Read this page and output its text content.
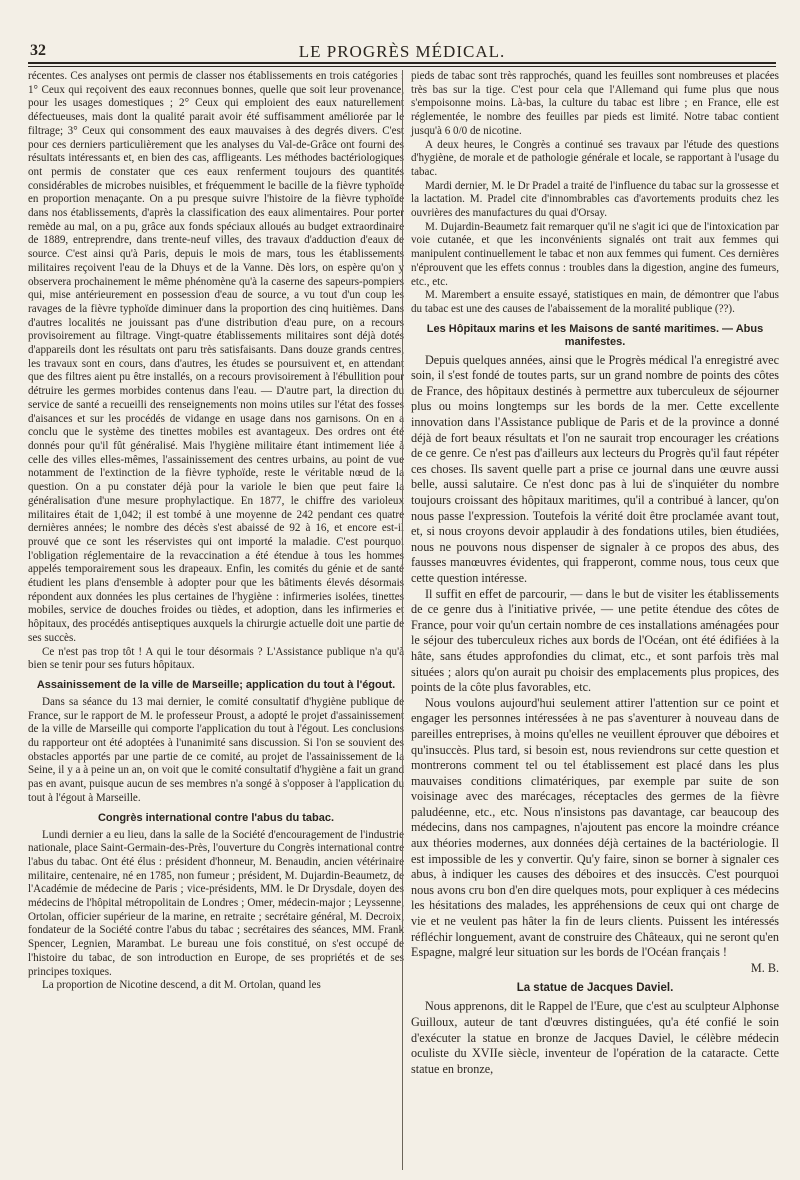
32	LE PROGRÈS MÉDICAL.

récentes. Ces analyses ont permis de classer nos établissements en trois catégories : 1° Ceux qui reçoivent des eaux reconnues bonnes, quelle que soit leur provenance, pour les usages domestiques ; 2° Ceux qui emploient des eaux naturellement défectueuses, mais dont la qualité parait avoir été suffisamment améliorée par le filtrage; 3° Ceux qui consomment des eaux mauvaises à des degrés divers. C'est pour ces derniers particulièrement que les analyses du Val-de-Grâce ont fourni des résultats intéressants et, en bien des cas, affligeants. Les méthodes bactériologiques ont permis de constater que ces eaux renferment toujours des quantités considérables de microbes nuisibles, et fréquemment le bacille de la fièvre typhoïde en proportion menaçante. On a pu presque suivre l'histoire de la fièvre typhoïde dans nos établissements, d'après la classification des eaux alimentaires. Pour porter remède au mal, on a pu, grâce aux fonds spéciaux alloués au budget extraordinaire de 1889, entreprendre, dans trente-neuf villes, des travaux d'adduction d'eaux de source. C'est ainsi qu'à Paris, depuis le mois de mars, tous les établissements militaires reçoivent l'eau de la Dhuys et de la Vanne. Dès lors, on espère qu'on y observera prochainement le même phénomène qu'à la caserne des sapeurs-pompiers qui, mise antérieurement en possession d'eau de source, a vu tout d'un coup les ravages de la fièvre typhoïde diminuer dans la proportion des cinq huitièmes. Dans d'autres localités ne jouissant pas d'une distribution d'eau pure, on a recours provisoirement au filtrage. Vingt-quatre établissements militaires sont déjà dotés d'appareils dont les résultats ont paru très satisfaisants. Dans douze grands centres, les travaux sont en cours, dans d'autres, les études se poursuivent et, en attendant que des filtres aient pu être installés, on a recours provisoirement à l'ébullition pour détruire les germes morbides contenus dans l'eau. — D'autre part, la direction du service de santé a recueilli des renseignements non moins utiles sur l'état des fosses d'aisances et sur les procédés de vidange en usage dans nos garnisons. On en a conclu que le système des tinettes mobiles est avantageux. Des ordres ont été donnés pour qu'il fût généralisé. Mais l'hygiène militaire étant intimement liée à celle des villes elles-mêmes, l'assainissement des centres urbains, au point de vue notamment de l'extinction de la fièvre typhoïde, reste le véritable nœud de la question. On a pu constater déjà pour la variole le bien que peut faire la généralisation d'une mesure prophylactique. En 1877, le chiffre des varioleux militaires était de 1,042; il est tombé à une moyenne de 242 pendant ces quatre dernières années; le nombre des décès s'est abaissé de 92 à 16, et encore est-il prouvé que ce sont les réservistes qui ont importé la maladie. C'est pourquoi l'obligation réglementaire de la revaccination a été étendue à tous les hommes appelés temporairement sous les drapeaux. Enfin, les comités du génie et de santé étudient les plans d'ensemble à adopter pour que les bâtiments élevés désormais répondent aux données les plus certaines de l'hygiène : infirmeries isolées, tinettes mobiles, service de douches froides ou tièdes, et adoption, dans les infirmeries et hôpitaux, des procédés antiseptiques auxquels la chirurgie actuelle doit une partie de ses succès.

Ce n'est pas trop tôt ! A qui le tour désormais ? L'Assistance publique n'a qu'à bien se tenir pour ses futurs hôpitaux.

Assainissement de la ville de Marseille; application du tout à l'égout.

Dans sa séance du 13 mai dernier, le comité consultatif d'hygiène publique de France, sur le rapport de M. le professeur Proust, a adopté le projet d'assainissement de la ville de Marseille qui comporte l'application du tout à l'égout. Les conclusions du rapporteur ont été adoptées à l'unanimité sans discussion. Si l'on se souvient des obstacles apportés par une partie de ce comité, au projet de l'assainissement de la Seine, il y a à peine un an, on voit que le comité consultatif d'hygiène a fait un grand pas en avant, puisque aucun de ses membres n'a songé à s'opposer à l'application du tout à l'égout à Marseille.

Congrès international contre l'abus du tabac.

Lundi dernier a eu lieu, dans la salle de la Société d'encouragement de l'industrie nationale, place Saint-Germain-des-Près, l'ouverture du Congrès international contre l'abus du tabac. Ont été élus : président d'honneur, M. Benaudin, ancien vétérinaire militaire, centenaire, né en 1785, non fumeur ; président, M. Dujardin-Beaumetz, de l'Académie de médecine de Paris ; vice-présidents, MM. le Dr Drysdale, doyen des médecins de l'hôpital métropolitain de Londres ; Omer, médecin-major ; Leyssenne, Ortolan, officier supérieur de la marine, en retraite ; secrétaire général, M. Decroix, fondateur de la Société contre l'abus du tabac ; secrétaires des séances, MM. Frank Spencer, Legnien, Marambat. Le bureau une fois constitué, on s'est occupé de l'histoire du tabac, de son introduction en Europe, de ses propriétés et de ses principes toxiques.

La proportion de Nicotine descend, a dit M. Ortolan, quand les

pieds de tabac sont très rapprochés, quand les feuilles sont nombreuses et placées très bas sur la tige. C'est pour cela que l'Allemand qui fume plus que nous s'empoisonne moins. Là-bas, la culture du tabac est libre ; en France, elle est réglementée, le nombre des feuilles par pieds est limité. Notre tabac contient jusqu'à 6 0/0 de nicotine.

A deux heures, le Congrès a continué ses travaux par l'étude des questions d'hygiène, de morale et de pathologie générale et locale, se rapportant à l'usage du tabac.

Mardi dernier, M. le Dr Pradel a traité de l'influence du tabac sur la grossesse et la lactation. M. Pradel cite d'innombrables cas d'avortements produits chez les ouvrières des manufactures du quai d'Orsay.

M. Dujardin-Beaumetz fait remarquer qu'il ne s'agit ici que de l'intoxication par voie cutanée, et que les inconvénients signalés ont trait aux femmes qui manipulent continuellement le tabac et non aux femmes qui fument. Ces dernières n'éprouvent que les effets connus : troubles dans la digestion, angine des fumeurs, etc., etc.

M. Marembert a ensuite essayé, statistiques en main, de démontrer que l'abus du tabac est une des causes de l'abaissement de la moralité publique (??).

Les Hôpitaux marins et les Maisons de santé maritimes. — Abus manifestes.

Depuis quelques années, ainsi que le Progrès médical l'a enregistré avec soin, il s'est fondé de toutes parts, sur un grand nombre de points des côtes de France, des hôpitaux destinés à permettre aux tuberculeux de séjourner plus ou moins longtemps sur les bords de la mer. Cette excellente innovation dans l'Assistance publique de Paris et de la province a donné déjà de fort beaux résultats et l'on ne saurait trop encourager les créations de ce genre. Ce n'est pas d'ailleurs aux lecteurs du Progrès qu'il faut répéter ces choses. Ils savent quelle part a prise ce journal dans une œuvre aussi belle, aussi salutaire. Ce n'est donc pas à lui de s'inquiéter du nombre toujours croissant des hôpitaux maritimes, qu'il a contribué à lancer, qu'on nous passe l'expression. Toutefois la vérité doit être proclamée avant tout, et, si nous croyons devoir applaudir à des fondations utiles, bien étudiées, nous ne pouvons nous dispenser de signaler à ce propos des abus, des fausses manœuvres évidentes, qui frapperont, comme nous, tous ceux que cette question intéresse.

Il suffit en effet de parcourir, — dans le but de visiter les établissements de ce genre dus à l'initiative privée, — une petite étendue des côtes de France, pour voir qu'un certain nombre de ces installations aménagées pour le séjour des tuberculeux riches aux bords de l'Océan, ont été édifiées à la hâte, sans études approfondies du climat, etc., et sont parfois très mal situées ; alors qu'on aurait pu choisir des emplacements plus propices, des points de la côte plus favorables, etc.

Nous voulons aujourd'hui seulement attirer l'attention sur ce point et engager les personnes intéressées à ne pas s'aventurer à nouveau dans de pareilles entreprises, à moins qu'elles ne veuillent éprouver que déboires et qu'insuccès. Plus tard, si besoin est, nous reviendrons sur cette question et montrerons comment tel ou tel établissement est placé dans les plus mauvaises conditions climatériques, par exemple par suite de son voisinage avec des marécages, réceptacles des germes de la fièvre paludéenne, etc., etc. Nous n'insistons pas davantage, car beaucoup des médecins, dans nos campagnes, n'ajoutent pas encore la moindre créance aux théories modernes, aux données déjà certaines de la bactériologie. Il est impossible de les y convertir. Qu'y faire, sinon se borner à signaler ces abus, à indiquer les causes des déboires et des insuccès. C'est pourquoi nous avons cru bon d'en dire quelques mots, pour expliquer à ces médecins les hésitations des malades, les appréhensions de ceux qui ont charge de vie et ne veulent pas hâter la fin de leurs clients. Puissent les intéressés réfléchir longuement, avant de construire des Châteaux, qui ne seront qu'en Espagne, malgré leur situation sur les bords de l'Océan français !

M. B.

La statue de Jacques Daviel.

Nous apprenons, dit le Rappel de l'Eure, que c'est au sculpteur Alphonse Guilloux, auteur de tant d'œuvres distinguées, qu'a été confié le soin d'exécuter la statue en bronze de Jacques Daviel, le célèbre médecin oculiste du XVIIe siècle, inventeur de l'opération de la cataracte. Cette statue en bronze,
